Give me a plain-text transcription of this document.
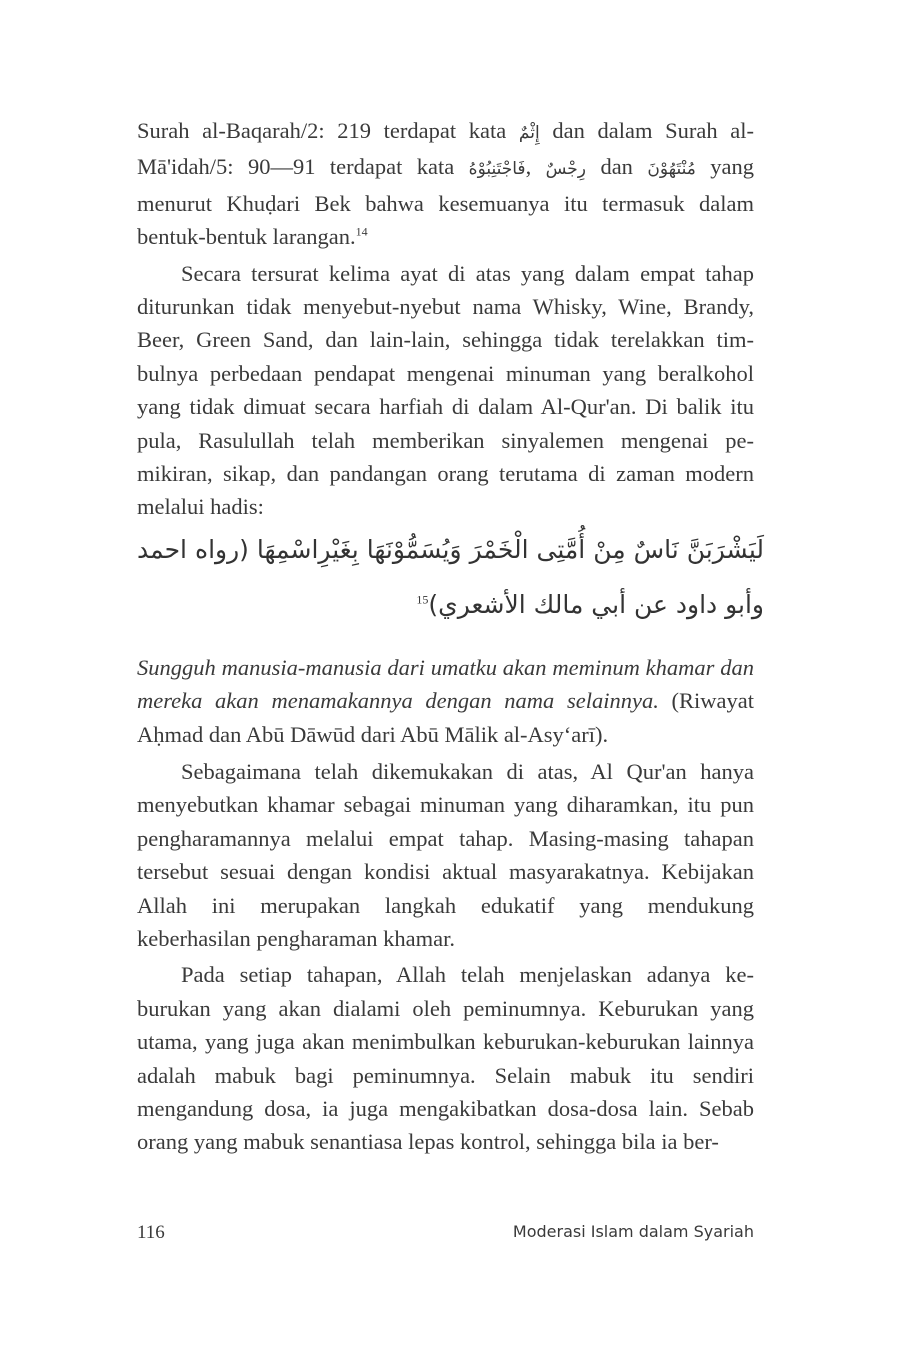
Surah al-Baqarah/2: 219 terdapat kata إِثْمٌ dan dalam Surah al-Mā'idah/5: 90—91 terdapat kata فَاجْتَنِبُوْهُ, رِجْسٌ dan مُنْتَهُوْنَ yang menurut Khuḍari Bek bahwa kesemuanya itu termasuk dalam bentuk-bentuk larangan.$^{14}$

Secara tersurat kelima ayat di atas yang dalam empat tahap diturunkan tidak menyebut-nyebut nama Whisky, Wine, Brandy, Beer, Green Sand, dan lain-lain, sehingga tidak terelakkan timbulnya perbedaan pendapat mengenai minuman yang beralkohol yang tidak dimuat secara harfiah di dalam Al-Qur'an. Di balik itu pula, Rasulullah telah memberikan sinyalemen mengenai pemikiran, sikap, dan pandangan orang terutama di zaman modern melalui hadis:

لَيَشْرَبَنَّ نَاسٌ مِنْ أُمَّتِى الْخَمْرَ وَيُسَمُّوْنَهَا بِغَيْرِاسْمِهَا (رواه احمد وأبو داود عن أبي مالك الأشعري)$^{15}$
Sungguh manusia-manusia dari umatku akan meminum khamar dan mereka akan menamakannya dengan nama selainnya. (Riwayat Aḥmad dan Abū Dāwūd dari Abū Mālik al-Asy‘arī).

Sebagaimana telah dikemukakan di atas, Al Qur'an hanya menyebutkan khamar sebagai minuman yang diharamkan, itu pun pengharamannya melalui empat tahap. Masing-masing tahapan tersebut sesuai dengan kondisi aktual masyarakatnya. Kebijakan Allah ini merupakan langkah edukatif yang mendukung keberhasilan pengharaman khamar.

Pada setiap tahapan, Allah telah menjelaskan adanya keburukan yang akan dialami oleh peminumnya. Keburukan yang utama, yang juga akan menimbulkan keburukan-keburukan lainnya adalah mabuk bagi peminumnya. Selain mabuk itu sendiri mengandung dosa, ia juga mengakibatkan dosa-dosa lain. Sebab orang yang mabuk senantiasa lepas kontrol, sehingga bila ia ber-

116	Moderasi Islam dalam Syariah
